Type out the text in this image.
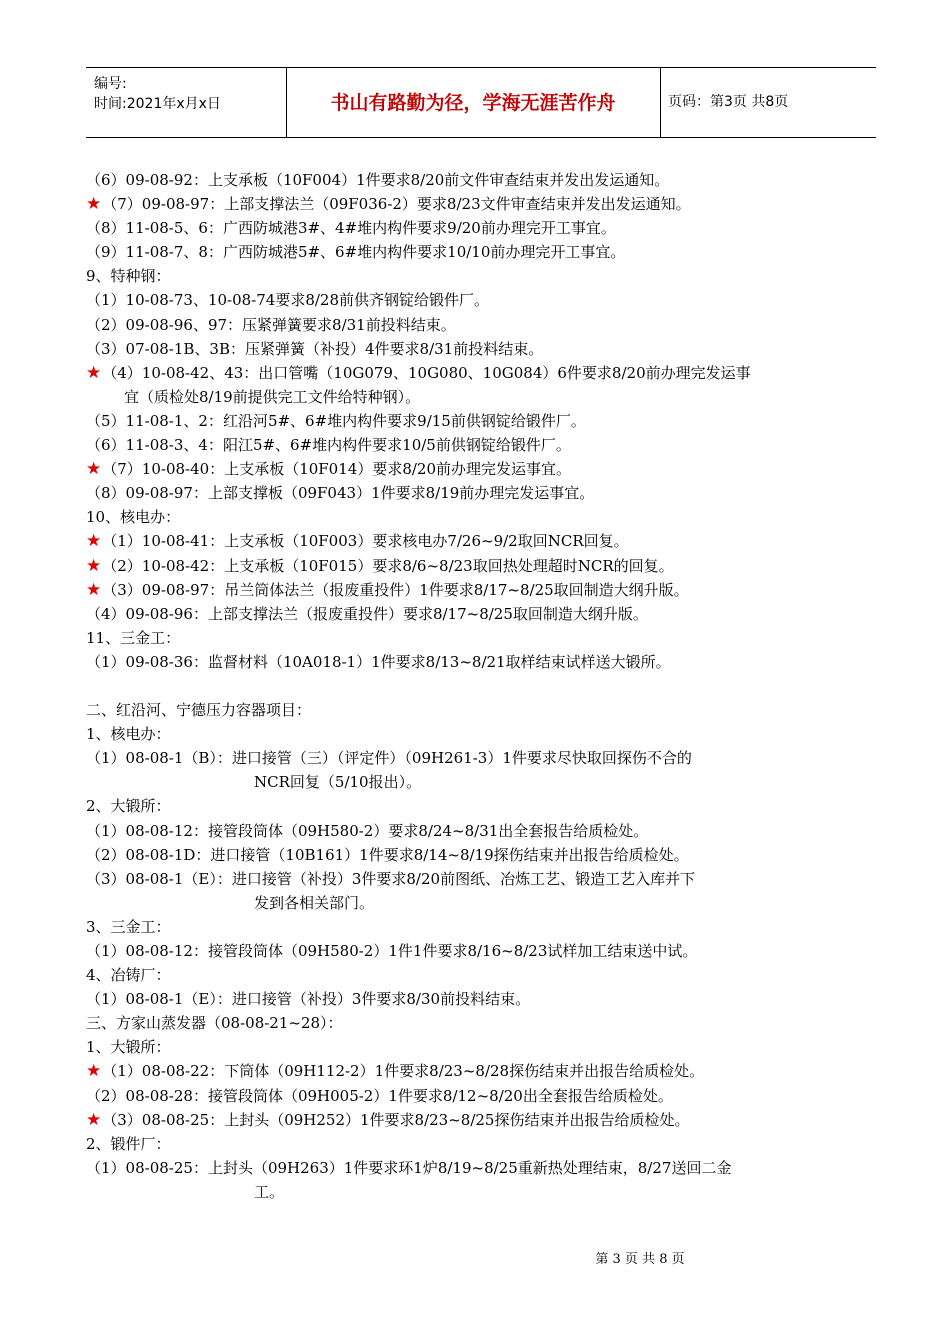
编号:
时间:2021年x月x日	书山有路勤为径，学海无涯苦作舟	页码：第3页 共8页
（6）09-08-92：上支承板（10F004）1件要求8/20前文件审查结束并发出发运通知。
★（7）09-08-97：上部支撑法兰（09F036-2）要求8/23文件审查结束并发出发运通知。
（8）11-08-5、6：广西防城港3#、4#堆内构件要求9/20前办理完开工事宜。
（9）11-08-7、8：广西防城港5#、6#堆内构件要求10/10前办理完开工事宜。
9、特种钢：
（1）10-08-73、10-08-74要求8/28前供齐钢锭给锻件厂。
（2）09-08-96、97：压紧弹簧要求8/31前投料结束。
（3）07-08-1B、3B：压紧弹簧（补投）4件要求8/31前投料结束。
★（4）10-08-42、43：出口管嘴（10G079、10G080、10G084）6件要求8/20前办理完发运事
宜（质检处8/19前提供完工文件给特种钢）。
（5）11-08-1、2：红沿河5#、6#堆内构件要求9/15前供钢锭给锻件厂。
（6）11-08-3、4：阳江5#、6#堆内构件要求10/5前供钢锭给锻件厂。
★（7）10-08-40：上支承板（10F014）要求8/20前办理完发运事宜。
（8）09-08-97：上部支撑板（09F043）1件要求8/19前办理完发运事宜。
10、核电办：
★（1）10-08-41：上支承板（10F003）要求核电办7/26~9/2取回NCR回复。
★（2）10-08-42：上支承板（10F015）要求8/6~8/23取回热处理超时NCR的回复。
★（3）09-08-97：吊兰筒体法兰（报废重投件）1件要求8/17~8/25取回制造大纲升版。
（4）09-08-96：上部支撑法兰（报废重投件）要求8/17~8/25取回制造大纲升版。
11、三金工：
（1）09-08-36：监督材料（10A018-1）1件要求8/13~8/21取样结束试样送大锻所。
二、红沿河、宁德压力容器项目：
1、核电办：
（1）08-08-1（B）：进口接管（三）（评定件）（09H261-3）1件要求尽快取回探伤不合的
NCR回复（5/10报出）。
2、大锻所：
（1）08-08-12：接管段筒体（09H580-2）要求8/24~8/31出全套报告给质检处。
（2）08-08-1D：进口接管（10B161）1件要求8/14~8/19探伤结束并出报告给质检处。
（3）08-08-1（E）：进口接管（补投）3件要求8/20前图纸、冶炼工艺、锻造工艺入库并下
发到各相关部门。
3、三金工：
（1）08-08-12：接管段筒体（09H580-2）1件1件要求8/16~8/23试样加工结束送中试。
4、冶铸厂：
（1）08-08-1（E）：进口接管（补投）3件要求8/30前投料结束。
三、方家山蒸发器（08-08-21~28）：
1、大锻所：
★（1）08-08-22：下筒体（09H112-2）1件要求8/23~8/28探伤结束并出报告给质检处。
（2）08-08-28：接管段筒体（09H005-2）1件要求8/12~8/20出全套报告给质检处。
★（3）08-08-25：上封头（09H252）1件要求8/23~8/25探伤结束并出报告给质检处。
2、锻件厂：
（1）08-08-25：上封头（09H263）1件要求环1炉8/19~8/25重新热处理结束，8/27送回二金
工。
第 3 页 共 8 页
